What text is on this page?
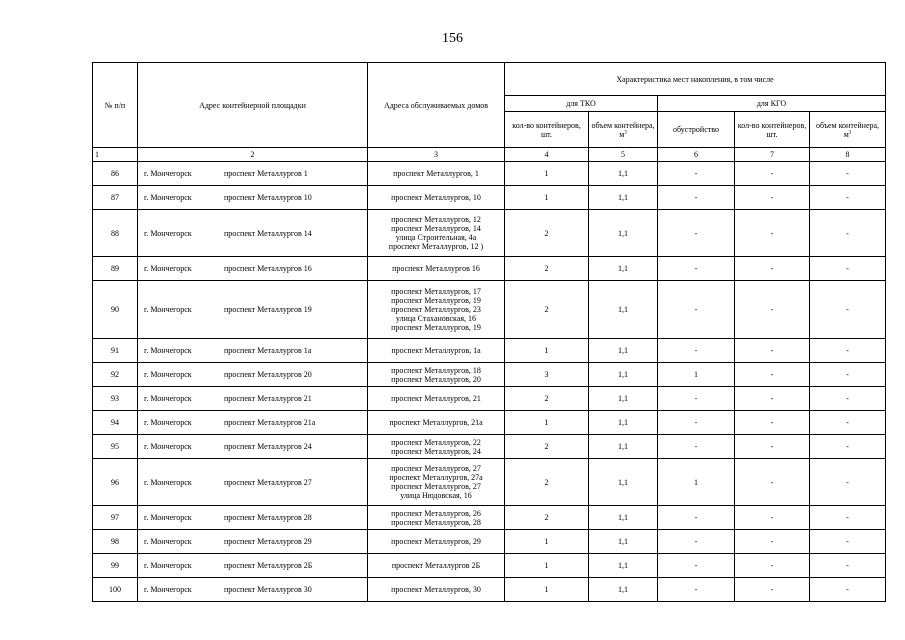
156
№ п/п	Адрес контейнерной площадки	Адреса обслуживаемых домов	Характеристика мест накопления, в том числе				
			для ТКО		для КГО		
			кол-во контейнеров, шт.	объем контейнера, $м^3$	обустройство	кол-во контейнеров, шт.	объем контейнера, $м^3$
1	2	3	4	5	6	7	8
86	г. Мончегорск проспект Металлургов 1	проспект Металлургов, 1	1	1,1	-	-	-
87	г. Мончегорск проспект Металлургов 10	проспект Металлургов, 10	1	1,1	-	-	-
88	г. Мончегорск проспект Металлургов 14	проспект Металлургов, 12
проспект Металлургов, 14
улица Строительная, 4а
проспект Металлургов, 12 )	2	1,1	-	-	-
89	г. Мончегорск проспект Металлургов 16	проспект Металлургов 16	2	1,1	-	-	-
90	г. Мончегорск проспект Металлургов 19	проспект Металлургов, 17
проспект Металлургов, 19
проспект Металлургов, 23
улица Стахановская, 16
проспект Металлургов, 19	2	1,1	-	-	-
91	г. Мончегорск проспект Металлургов 1а	проспект Металлургов, 1а	1	1,1	-	-	-
92	г. Мончегорск проспект Металлургов 20	проспект Металлургов, 18
проспект Металлургов, 20	3	1,1	1	-	-
93	г. Мончегорск проспект Металлургов 21	проспект Металлургов, 21	2	1,1	-	-	-
94	г. Мончегорск проспект Металлургов 21а	проспект Металлургов, 21а	1	1,1	-	-	-
95	г. Мончегорск проспект Металлургов 24	проспект Металлургов, 22
проспект Металлургов, 24	2	1,1	-	-	-
96	г. Мончегорск проспект Металлургов 27	проспект Металлургов, 27
проспект Металлургов, 27а
проспект Металлургов, 27
улица Нюдовская, 16	2	1,1	1	-	-
97	г. Мончегорск проспект Металлургов 28	проспект Металлургов, 26
проспект Металлургов, 28	2	1,1	-	-	-
98	г. Мончегорск проспект Металлургов 29	проспект Металлургов, 29	1	1,1	-	-	-
99	г. Мончегорск проспект Металлургов 2Б	проспект Металлургов 2Б	1	1,1	-	-	-
100	г. Мончегорск проспект Металлургов 30	проспект Металлургов, 30	1	1,1	-	-	-
